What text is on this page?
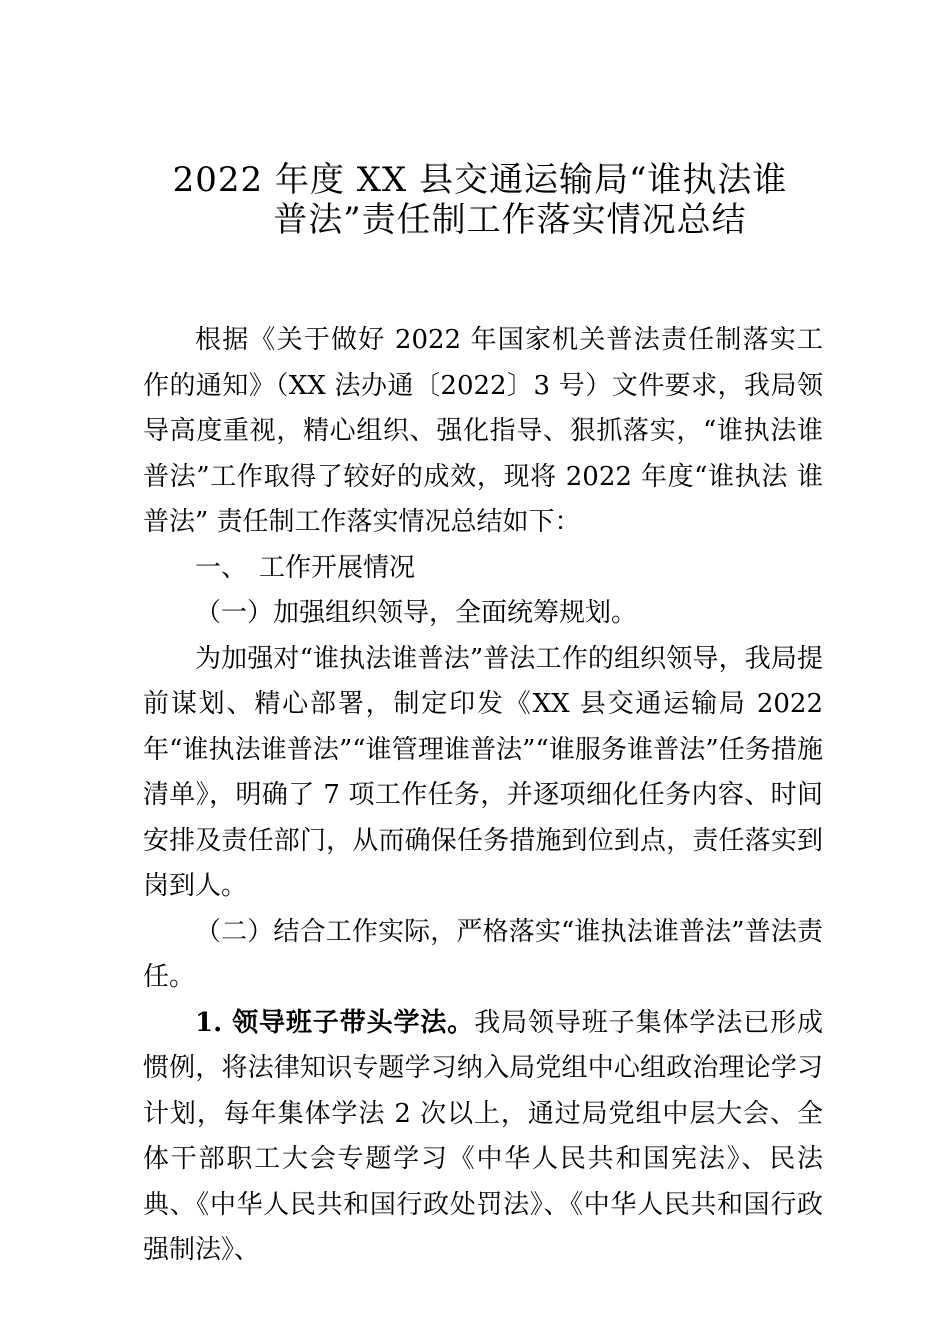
2022 年度 XX 县交通运输局“谁执法谁
普法”责任制工作落实情况总结

根据《关于做好 2022 年国家机关普法责任制落实工作的通知》（XX 法办通〔2022〕3 号）文件要求，我局领导高度重视，精心组织、强化指导、狠抓落实，“谁执法谁普法”工作取得了较好的成效，现将 2022 年度“谁执法 谁普法” 责任制工作落实情况总结如下：

一、 工作开展情况

（一）加强组织领导，全面统筹规划。

为加强对“谁执法谁普法”普法工作的组织领导，我局提前谋划、精心部署，制定印发《XX 县交通运输局 2022 年“谁执法谁普法”“谁管理谁普法”“谁服务谁普法”任务措施清单》，明确了 7 项工作任务，并逐项细化任务内容、时间安排及责任部门，从而确保任务措施到位到点，责任落实到岗到人。

（二）结合工作实际，严格落实“谁执法谁普法”普法责任。

1. 领导班子带头学法。我局领导班子集体学法已形成惯例，将法律知识专题学习纳入局党组中心组政治理论学习计划，每年集体学法 2 次以上，通过局党组中层大会、全体干部职工大会专题学习《中华人民共和国宪法》、民法典、《中华人民共和国行政处罚法》、《中华人民共和国行政强制法》、
